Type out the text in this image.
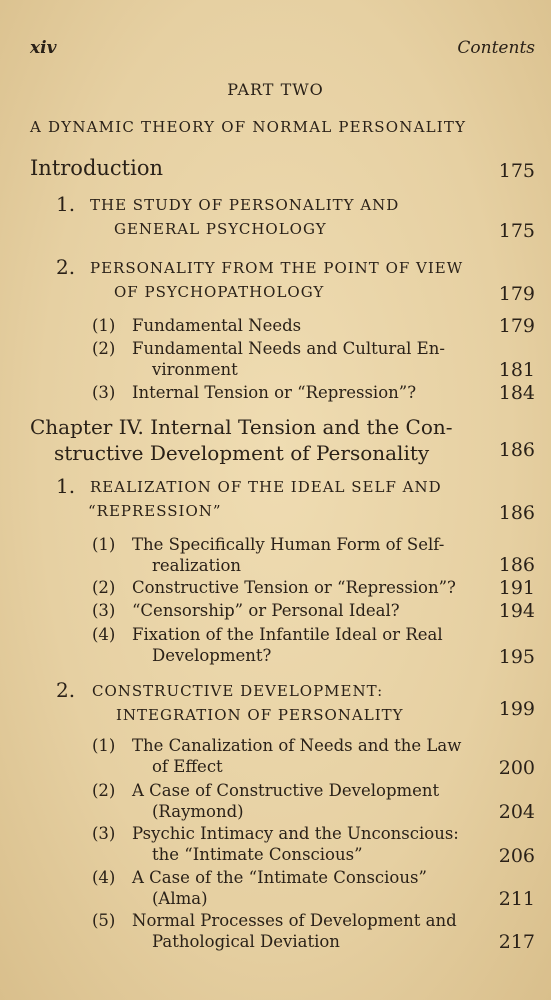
xiv	Contents
PART TWO
A DYNAMIC THEORY OF NORMAL PERSONALITY
Introduction	175
1. THE STUDY OF PERSONALITY AND
GENERAL PSYCHOLOGY	175
2. PERSONALITY FROM THE POINT OF VIEW
OF PSYCHOPATHOLOGY	179
(1) Fundamental Needs	179
(2) Fundamental Needs and Cultural En-
vironment	181
(3) Internal Tension or “Repression”?	184
Chapter IV. Internal Tension and the Con-
structive Development of Personality	186
1. REALIZATION OF THE IDEAL SELF AND
“REPRESSION”	186
(1) The Specifically Human Form of Self-
realization	186
(2) Constructive Tension or “Repression”?	191
(3) “Censorship” or Personal Ideal?	194
(4) Fixation of the Infantile Ideal or Real
Development?	195
2. CONSTRUCTIVE DEVELOPMENT:
INTEGRATION OF PERSONALITY	199
(1) The Canalization of Needs and the Law
of Effect	200
(2) A Case of Constructive Development
(Raymond)	204
(3) Psychic Intimacy and the Unconscious:
the “Intimate Conscious”	206
(4) A Case of the “Intimate Conscious”
(Alma)	211
(5) Normal Processes of Development and
Pathological Deviation	217
